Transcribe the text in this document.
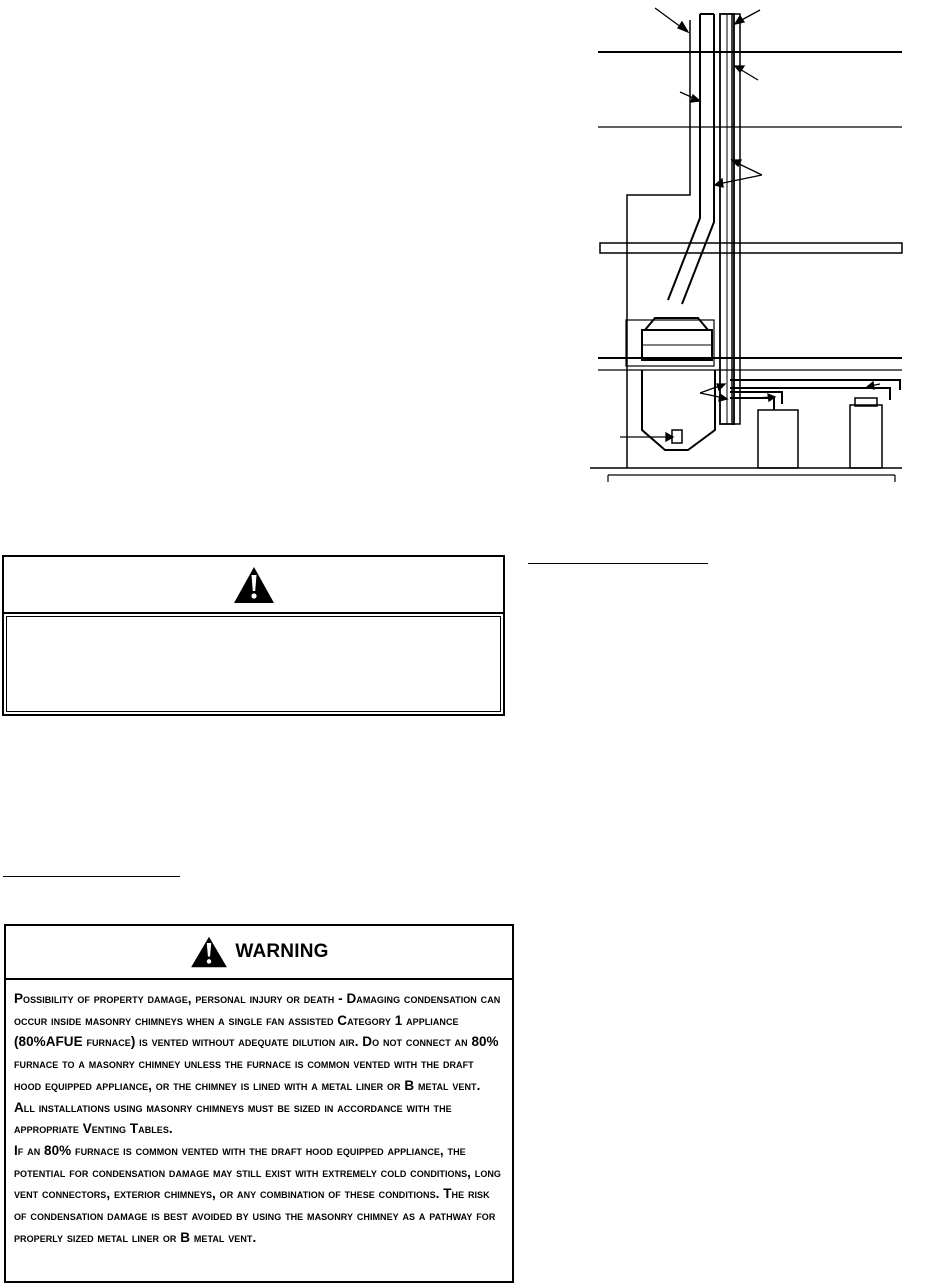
WARNING

Possibility of property damage, personal injury or death - Damaging condensation can occur inside masonry chimneys when a single fan assisted Category 1 appliance (80%AFUE furnace) is vented without adequate dilution air. Do not connect an 80% furnace to a masonry chimney unless the furnace is common vented with the draft hood equipped appliance, or the chimney is lined with a metal liner or B metal vent. All installations using masonry chimneys must be sized in accordance with the appropriate Venting Tables.

If an 80% furnace is common vented with the draft hood equipped appliance, the potential for condensation damage may still exist with extremely cold conditions, long vent connectors, exterior chimneys, or any combination of these conditions. The risk of condensation damage is best avoided by using the masonry chimney as a pathway for properly sized metal liner or B metal vent.
